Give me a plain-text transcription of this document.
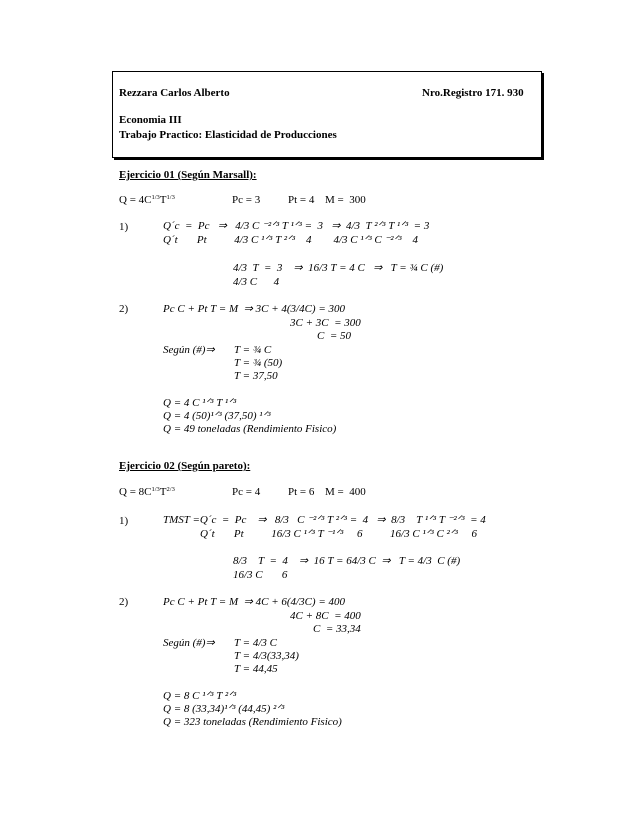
Rezzara Carlos Alberto	Nro.Registro 171. 930
Economia III
Trabajo Practico: Elasticidad de Producciones
Ejercicio 01 (Según Marsall):
$Q = 4C^{1/3}T^{1/3}$	Pc = 3	Pt = 4 M =  300
1)	Q´c  =  Pc   ⇒   4/3 C ⁻²ᐟ³ T ¹ᐟ³ =  3   ⇒  4/3  T ²ᐟ³ T ¹ᐟ³  = 3
Q´t       Pt          4/3 C ¹ᐟ³ T ²ᐟ³    4        4/3 C ¹ᐟ³ C ⁻²ᐟ³    4
4/3  T  =  3    ⇒  16/3 T = 4 C   ⇒   T = ¾ C (#)
4/3 C      4
2)	Pc C + Pt T = M  ⇒ 3C + 4(3/4C) = 300
3C + 3C  = 300
C  = 50
Según (#)⇒ T = ¾ C
T = ¾ (50)
T = 37,50
Q = 4 C ¹ᐟ³ T ¹ᐟ³
Q = 4 (50)¹ᐟ³ (37,50) ¹ᐟ³
Q = 49 toneladas (Rendimiento Fisico)
Ejercicio 02 (Según pareto):
$Q = 8C^{1/3}T^{2/3}$	Pc = 4	Pt = 6 M =  400
1)	TMST =Q´c  =  Pc    ⇒   8/3   C ⁻²ᐟ³ T ²ᐟ³ =  4   ⇒  8/3    T ¹ᐟ³ T ⁻²ᐟ³  = 4
Q´t       Pt          16/3 C ¹ᐟ³ T ⁻¹ᐟ³     6          16/3 C ¹ᐟ³ C ²ᐟ³     6
8/3    T  =  4    ⇒  16 T = 64/3 C  ⇒   T = 4/3  C (#)
16/3 C       6
2)	Pc C + Pt T = M  ⇒ 4C + 6(4/3C) = 400
4C + 8C  = 400
C  = 33,34
Según (#)⇒ T = 4/3 C
T = 4/3(33,34)
T = 44,45
Q = 8 C ¹ᐟ³ T ²ᐟ³
Q = 8 (33,34)¹ᐟ³ (44,45) ²ᐟ³
Q = 323 toneladas (Rendimiento Fisico)
